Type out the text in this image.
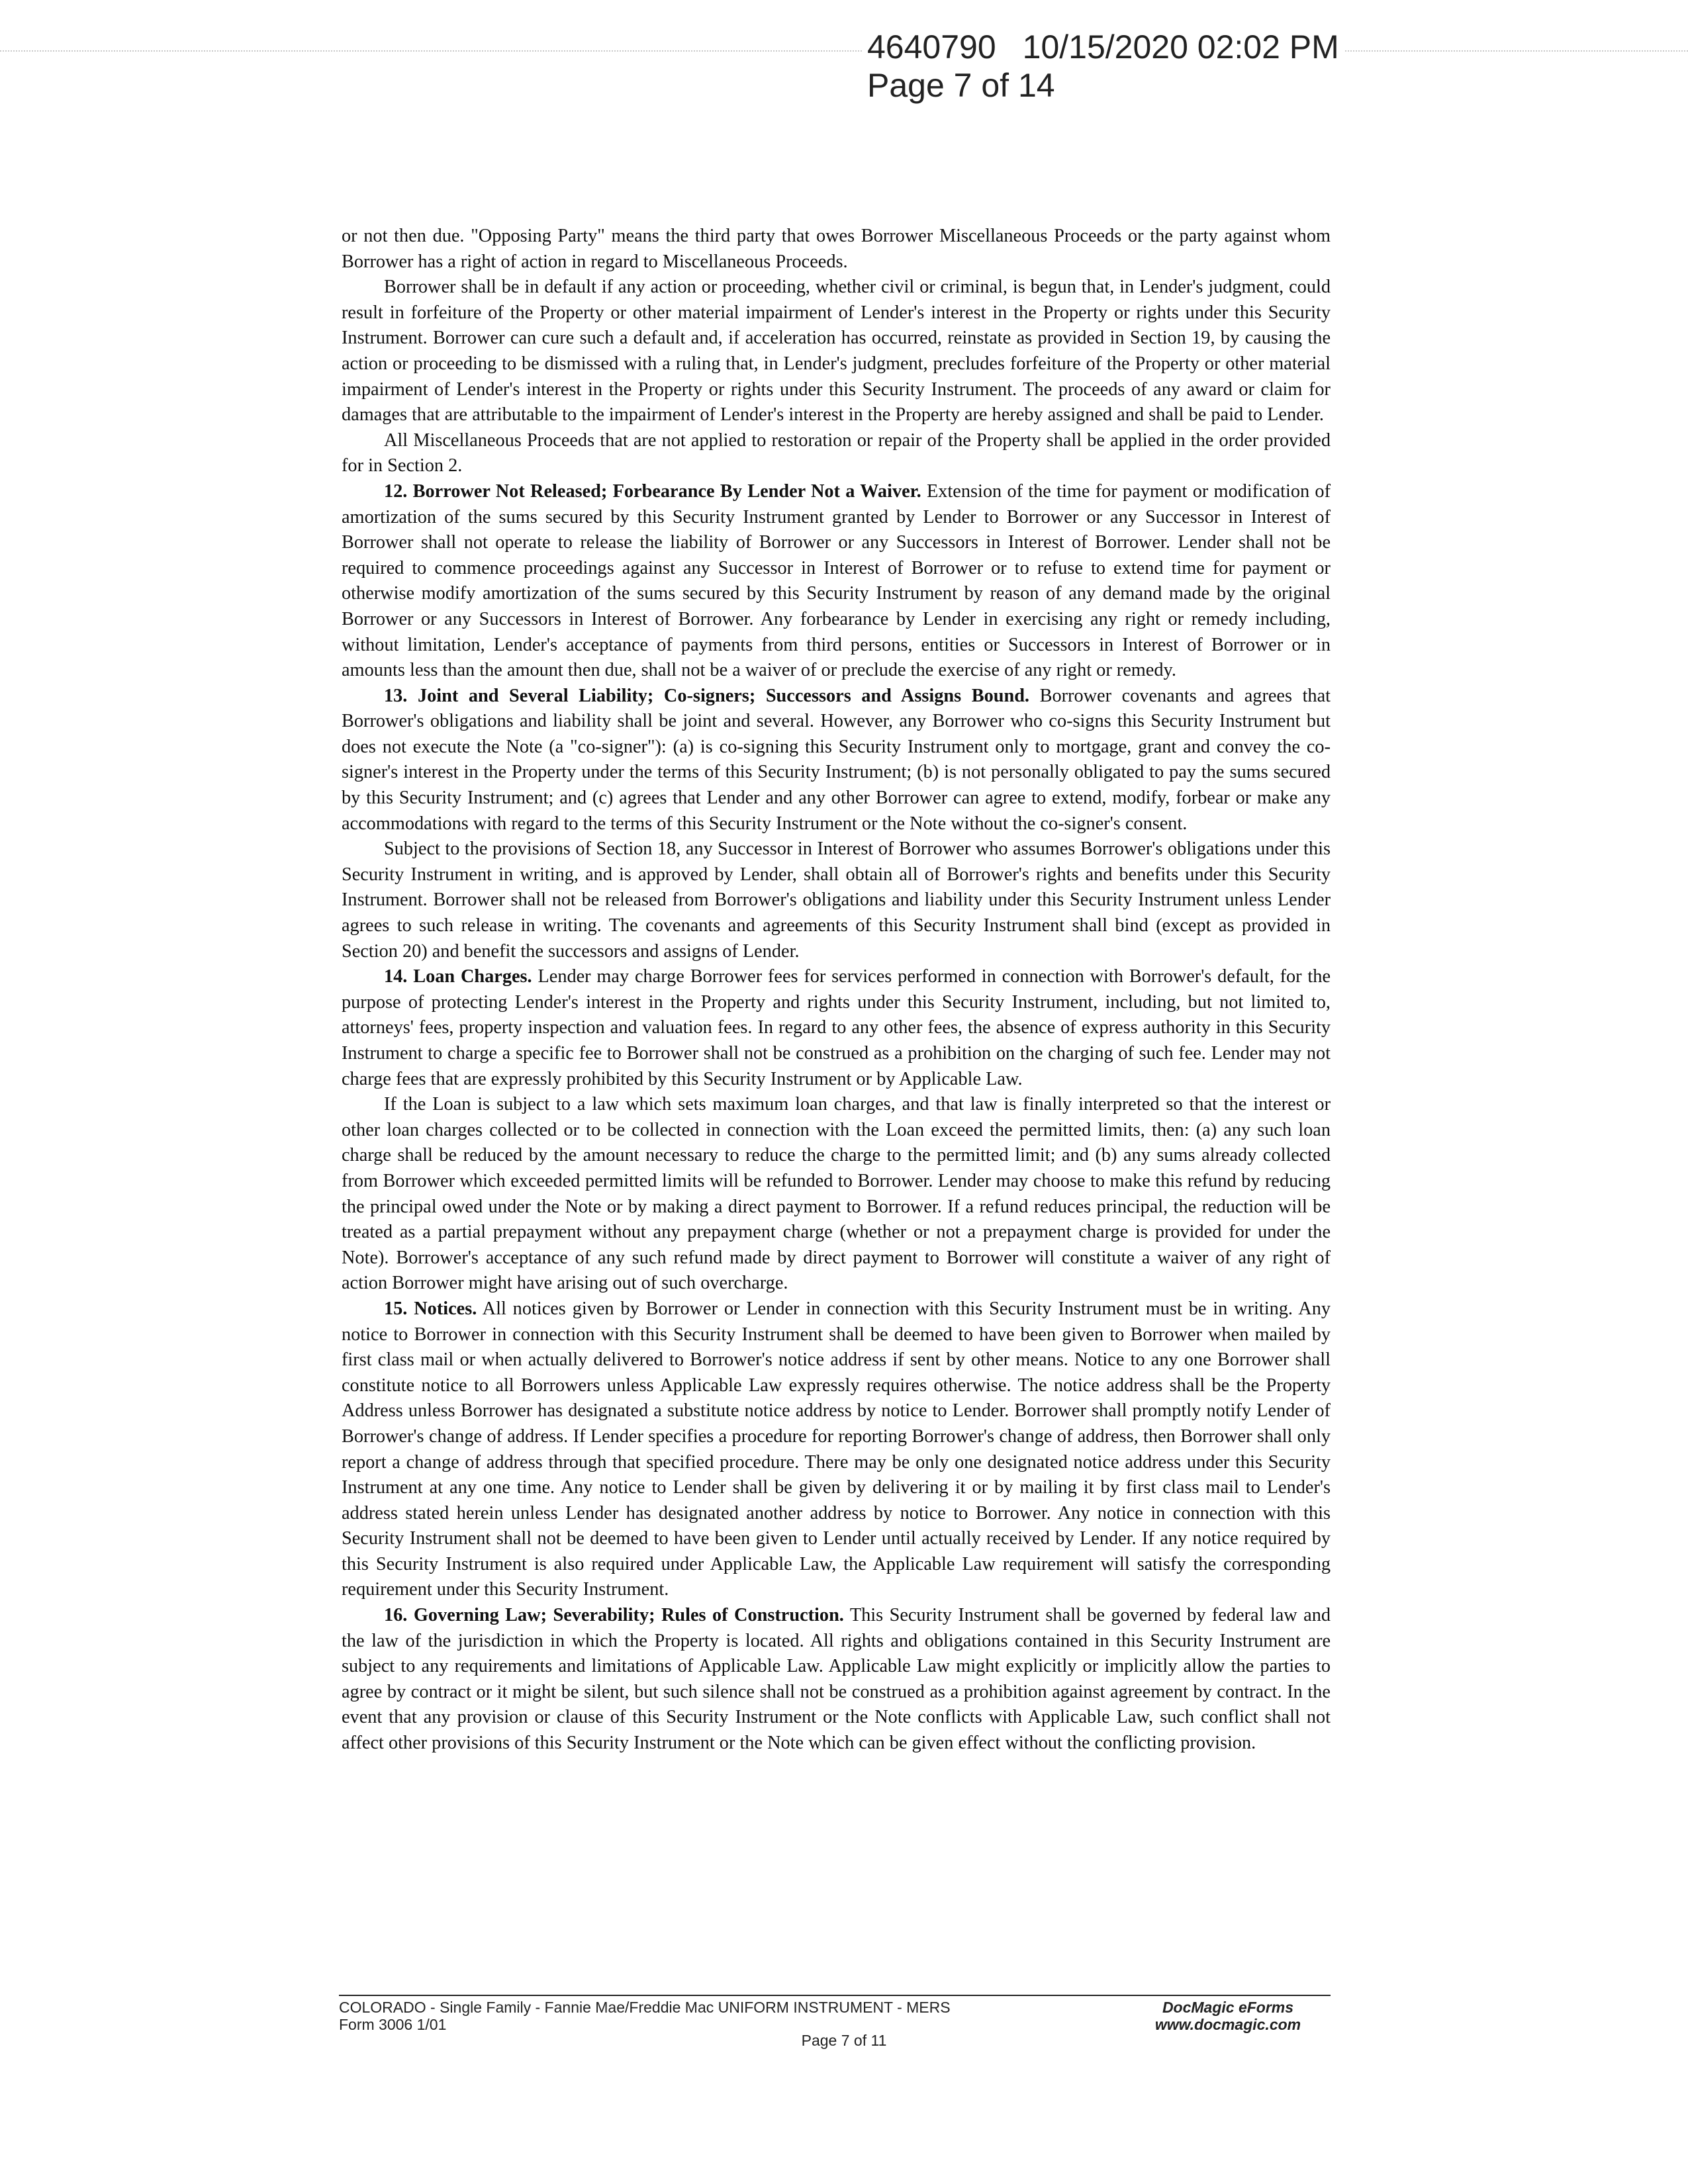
4640790 10/15/2020 02:02 PM
Page 7 of 14

or not then due. "Opposing Party" means the third party that owes Borrower Miscellaneous Proceeds or the party against whom Borrower has a right of action in regard to Miscellaneous Proceeds.

Borrower shall be in default if any action or proceeding, whether civil or criminal, is begun that, in Lender's judgment, could result in forfeiture of the Property or other material impairment of Lender's interest in the Property or rights under this Security Instrument. Borrower can cure such a default and, if acceleration has occurred, reinstate as provided in Section 19, by causing the action or proceeding to be dismissed with a ruling that, in Lender's judgment, precludes forfeiture of the Property or other material impairment of Lender's interest in the Property or rights under this Security Instrument. The proceeds of any award or claim for damages that are attributable to the impairment of Lender's interest in the Property are hereby assigned and shall be paid to Lender.

All Miscellaneous Proceeds that are not applied to restoration or repair of the Property shall be applied in the order provided for in Section 2.

12. Borrower Not Released; Forbearance By Lender Not a Waiver. Extension of the time for payment or modification of amortization of the sums secured by this Security Instrument granted by Lender to Borrower or any Successor in Interest of Borrower shall not operate to release the liability of Borrower or any Successors in Interest of Borrower. Lender shall not be required to commence proceedings against any Successor in Interest of Borrower or to refuse to extend time for payment or otherwise modify amortization of the sums secured by this Security Instrument by reason of any demand made by the original Borrower or any Successors in Interest of Borrower. Any forbearance by Lender in exercising any right or remedy including, without limitation, Lender's acceptance of payments from third persons, entities or Successors in Interest of Borrower or in amounts less than the amount then due, shall not be a waiver of or preclude the exercise of any right or remedy.

13. Joint and Several Liability; Co-signers; Successors and Assigns Bound. Borrower covenants and agrees that Borrower's obligations and liability shall be joint and several. However, any Borrower who co-signs this Security Instrument but does not execute the Note (a "co-signer"): (a) is co-signing this Security Instrument only to mortgage, grant and convey the co-signer's interest in the Property under the terms of this Security Instrument; (b) is not personally obligated to pay the sums secured by this Security Instrument; and (c) agrees that Lender and any other Borrower can agree to extend, modify, forbear or make any accommodations with regard to the terms of this Security Instrument or the Note without the co-signer's consent.

Subject to the provisions of Section 18, any Successor in Interest of Borrower who assumes Borrower's obligations under this Security Instrument in writing, and is approved by Lender, shall obtain all of Borrower's rights and benefits under this Security Instrument. Borrower shall not be released from Borrower's obligations and liability under this Security Instrument unless Lender agrees to such release in writing. The covenants and agreements of this Security Instrument shall bind (except as provided in Section 20) and benefit the successors and assigns of Lender.

14. Loan Charges. Lender may charge Borrower fees for services performed in connection with Borrower's default, for the purpose of protecting Lender's interest in the Property and rights under this Security Instrument, including, but not limited to, attorneys' fees, property inspection and valuation fees. In regard to any other fees, the absence of express authority in this Security Instrument to charge a specific fee to Borrower shall not be construed as a prohibition on the charging of such fee. Lender may not charge fees that are expressly prohibited by this Security Instrument or by Applicable Law.

If the Loan is subject to a law which sets maximum loan charges, and that law is finally interpreted so that the interest or other loan charges collected or to be collected in connection with the Loan exceed the permitted limits, then: (a) any such loan charge shall be reduced by the amount necessary to reduce the charge to the permitted limit; and (b) any sums already collected from Borrower which exceeded permitted limits will be refunded to Borrower. Lender may choose to make this refund by reducing the principal owed under the Note or by making a direct payment to Borrower. If a refund reduces principal, the reduction will be treated as a partial prepayment without any prepayment charge (whether or not a prepayment charge is provided for under the Note). Borrower's acceptance of any such refund made by direct payment to Borrower will constitute a waiver of any right of action Borrower might have arising out of such overcharge.

15. Notices. All notices given by Borrower or Lender in connection with this Security Instrument must be in writing. Any notice to Borrower in connection with this Security Instrument shall be deemed to have been given to Borrower when mailed by first class mail or when actually delivered to Borrower's notice address if sent by other means. Notice to any one Borrower shall constitute notice to all Borrowers unless Applicable Law expressly requires otherwise. The notice address shall be the Property Address unless Borrower has designated a substitute notice address by notice to Lender. Borrower shall promptly notify Lender of Borrower's change of address. If Lender specifies a procedure for reporting Borrower's change of address, then Borrower shall only report a change of address through that specified procedure. There may be only one designated notice address under this Security Instrument at any one time. Any notice to Lender shall be given by delivering it or by mailing it by first class mail to Lender's address stated herein unless Lender has designated another address by notice to Borrower. Any notice in connection with this Security Instrument shall not be deemed to have been given to Lender until actually received by Lender. If any notice required by this Security Instrument is also required under Applicable Law, the Applicable Law requirement will satisfy the corresponding requirement under this Security Instrument.

16. Governing Law; Severability; Rules of Construction. This Security Instrument shall be governed by federal law and the law of the jurisdiction in which the Property is located. All rights and obligations contained in this Security Instrument are subject to any requirements and limitations of Applicable Law. Applicable Law might explicitly or implicitly allow the parties to agree by contract or it might be silent, but such silence shall not be construed as a prohibition against agreement by contract. In the event that any provision or clause of this Security Instrument or the Note conflicts with Applicable Law, such conflict shall not affect other provisions of this Security Instrument or the Note which can be given effect without the conflicting provision.

COLORADO - Single Family - Fannie Mae/Freddie Mac UNIFORM INSTRUMENT - MERS
Form 3006 1/01
DocMagic eForms
www.docmagic.com
Page 7 of 11
